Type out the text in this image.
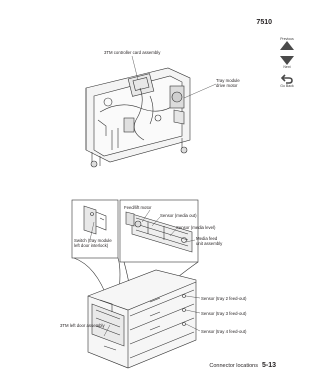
7510
Previous
Next
Go Back
3TM controller card assembly
Tray module
drive motor
Switch (tray module
left door interlock)
Feed/lift motor
Sensor (media out)
Sensor (media level)
Media feed
unit assembly
Sensor (tray 2 feed-out)
Sensor (tray 3 feed-out)
Sensor (tray 4 feed-out)
3TM left door assembly
Connector locations 5-13
